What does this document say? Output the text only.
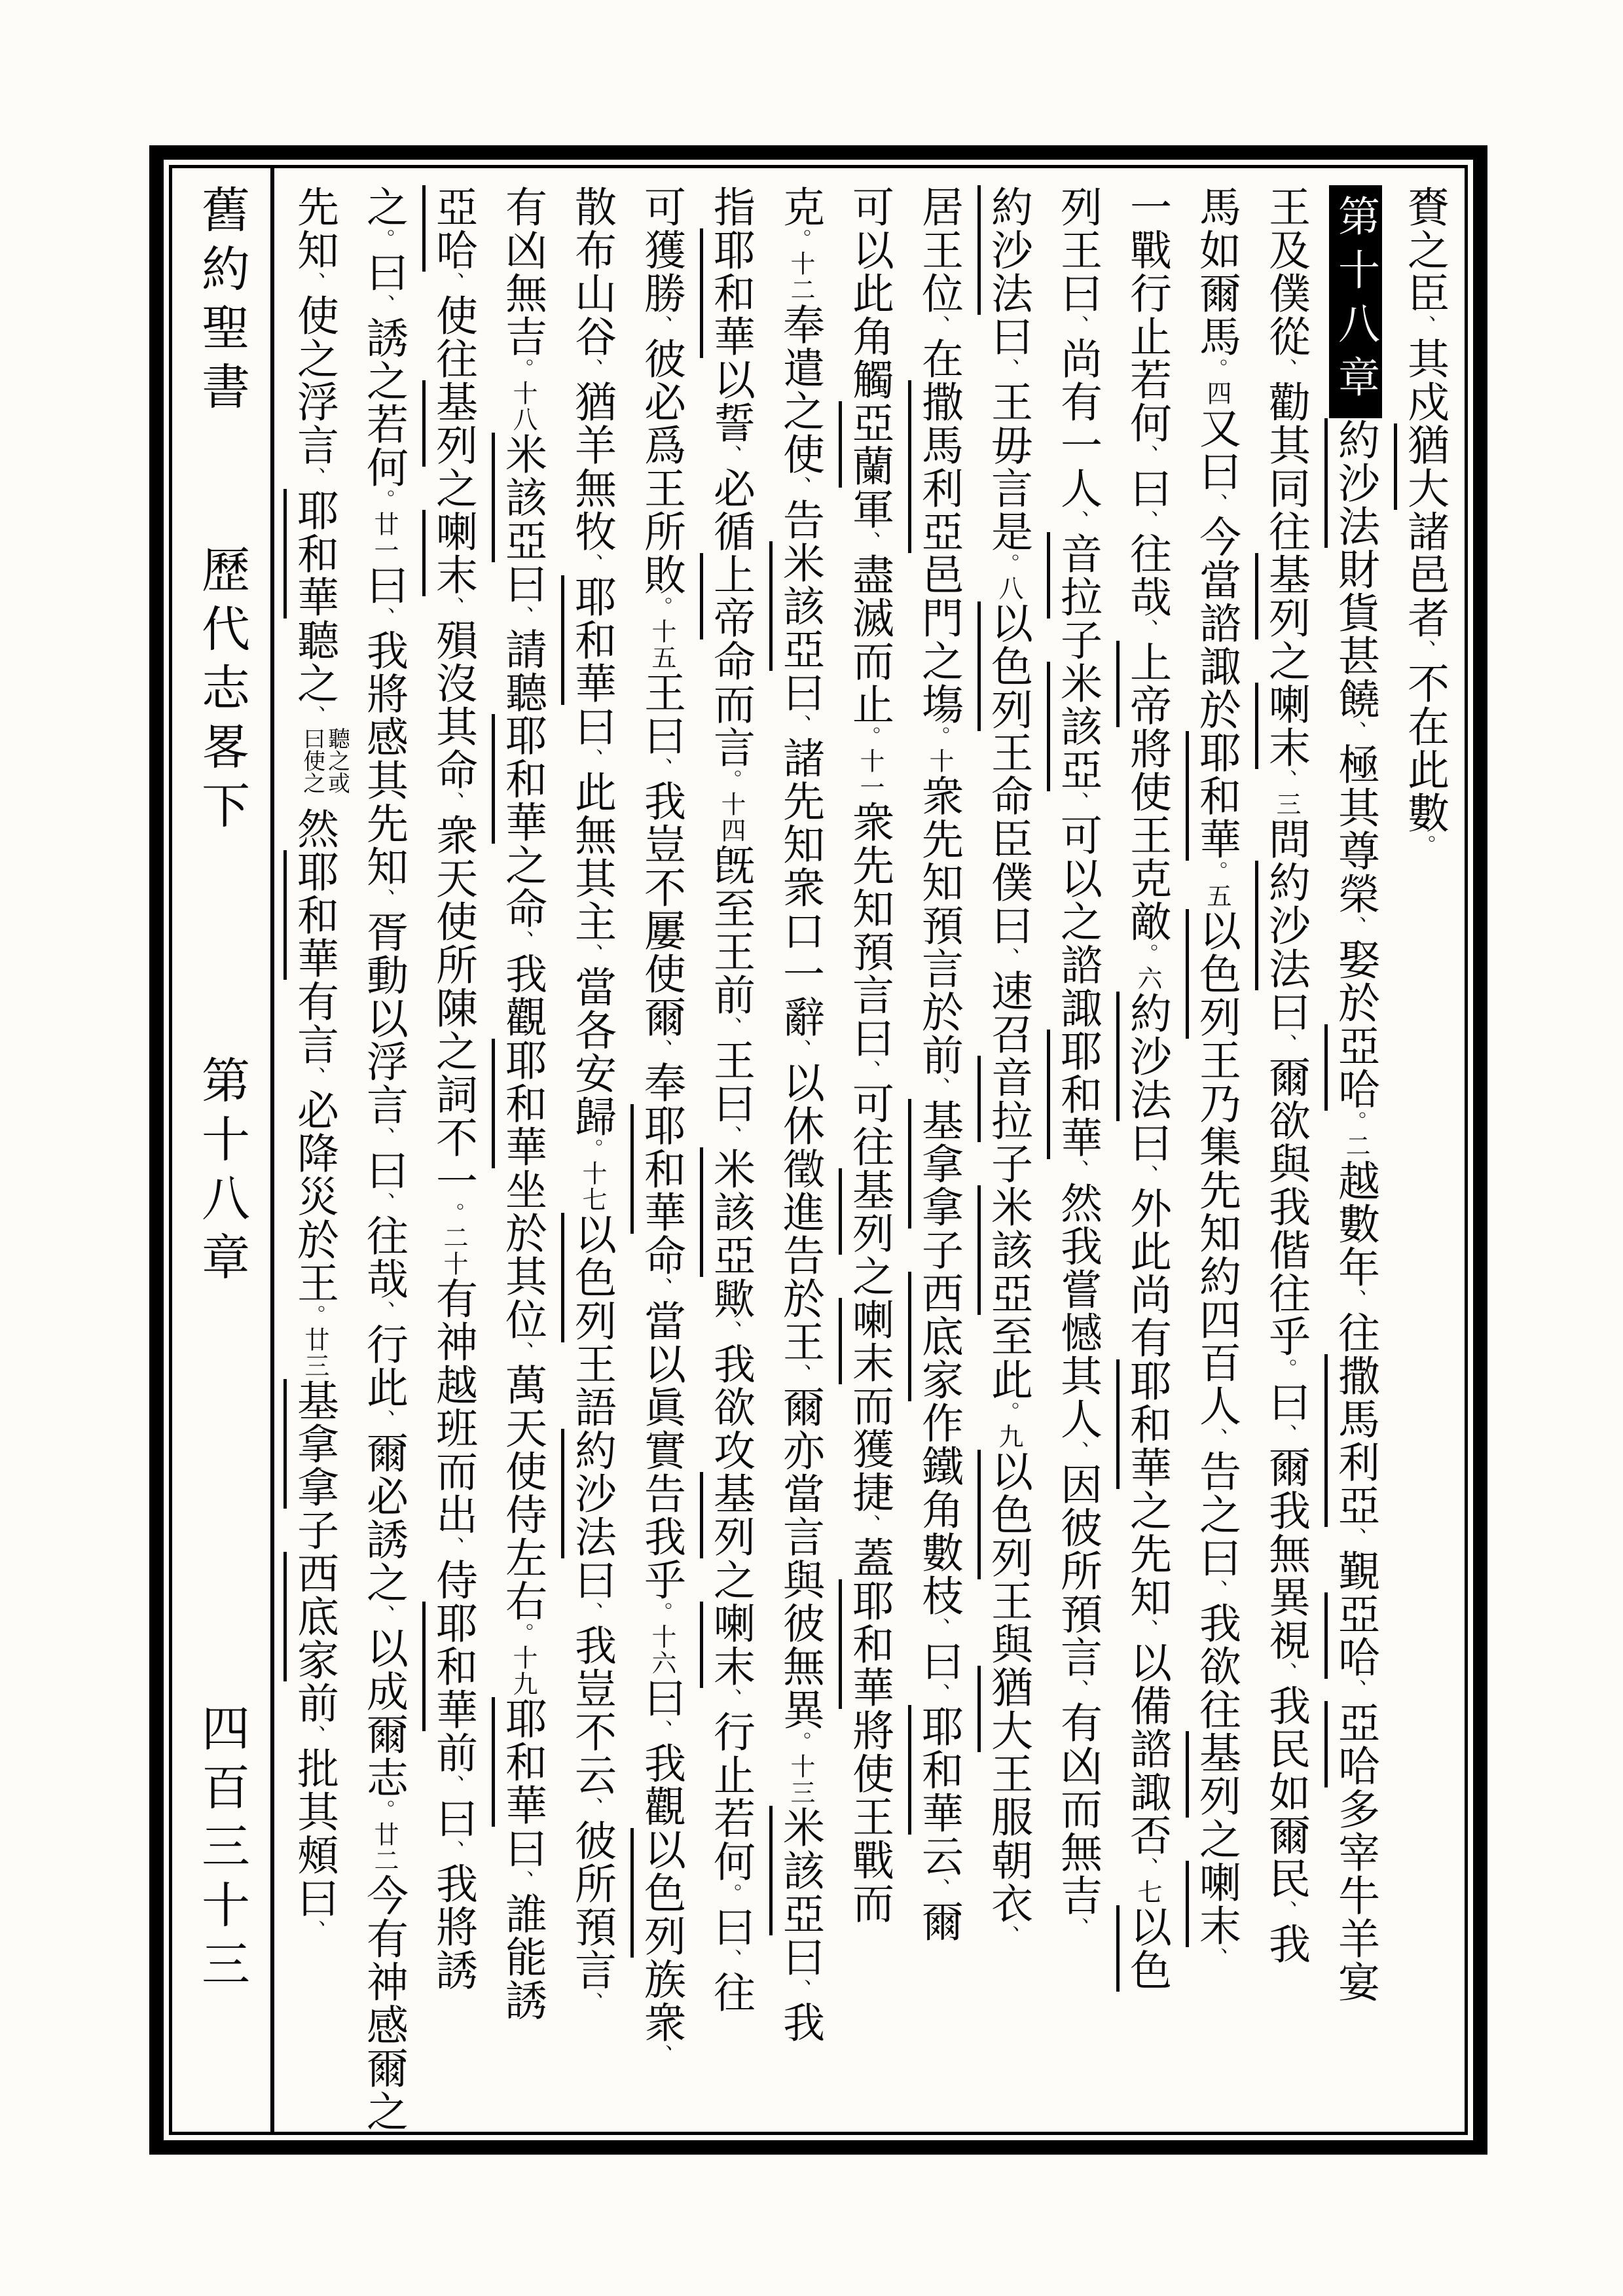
舊約聖書
歷代志畧下
第十八章
四百三十三
賚之臣、其戍猶大諸邑者、不在此數。
第十八章約沙法財貨甚饒、極其尊榮、娶於亞哈。二越數年、往撒馬利亞、覲亞哈、亞哈多宰牛羊宴
王及僕從、勸其同往基列之喇末、三問約沙法曰、爾欲與我偕往乎。曰、爾我無異視、我民如爾民、我
馬如爾馬。四又曰、今當諮諏於耶和華。五以色列王乃集先知約四百人、告之曰、我欲往基列之喇末、
一戰行止若何、曰、往哉、上帝將使王克敵。六約沙法曰、外此尚有耶和華之先知、以備諮諏否、七以色
列王曰、尚有一人、音拉子米該亞、可以之諮諏耶和華、然我嘗憾其人、因彼所預言、有凶而無吉、
約沙法曰、王毋言是。八以色列王命臣僕曰、速召音拉子米該亞至此。九以色列王與猶大王服朝衣、
居王位、在撒馬利亞邑門之塲。十衆先知預言於前、基拿拿子西底家作鐵角數枝、曰、耶和華云、爾
可以此角觸亞蘭軍、盡滅而止。十一衆先知預言曰、可往基列之喇末而獲捷、蓋耶和華將使王戰而
克。十二奉遣之使、告米該亞曰、諸先知衆口一辭、以休徵進告於王、爾亦當言與彼無異。十三米該亞曰、我
指耶和華以誓、必循上帝命而言。十四旣至王前、王曰、米該亞歟、我欲攻基列之喇末、行止若何。曰、往
可獲勝、彼必爲王所敗。十五王曰、我豈不屢使爾、奉耶和華命、當以眞實告我乎。十六曰、我觀以色列族衆、
散布山谷、猶羊無牧、耶和華曰、此無其主、當各安歸。十七以色列王語約沙法曰、我豈不云、彼所預言、
有凶無吉。十八米該亞曰、請聽耶和華之命、我觀耶和華坐於其位、萬天使侍左右。十九耶和華曰、誰能誘
亞哈、使往基列之喇末、殞沒其命、衆天使所陳之詞不一。二十有神越班而出、侍耶和華前、曰、我將誘
之。曰、誘之若何。廿一曰、我將感其先知、胥動以浮言、曰、往哉、行此、爾必誘之、以成爾志。廿二今有神感爾之
先知、使之浮言、耶和華聽之、聽之或曰使之然耶和華有言、必降災於王。廿三基拿拿子西底家前、批其頰曰、
